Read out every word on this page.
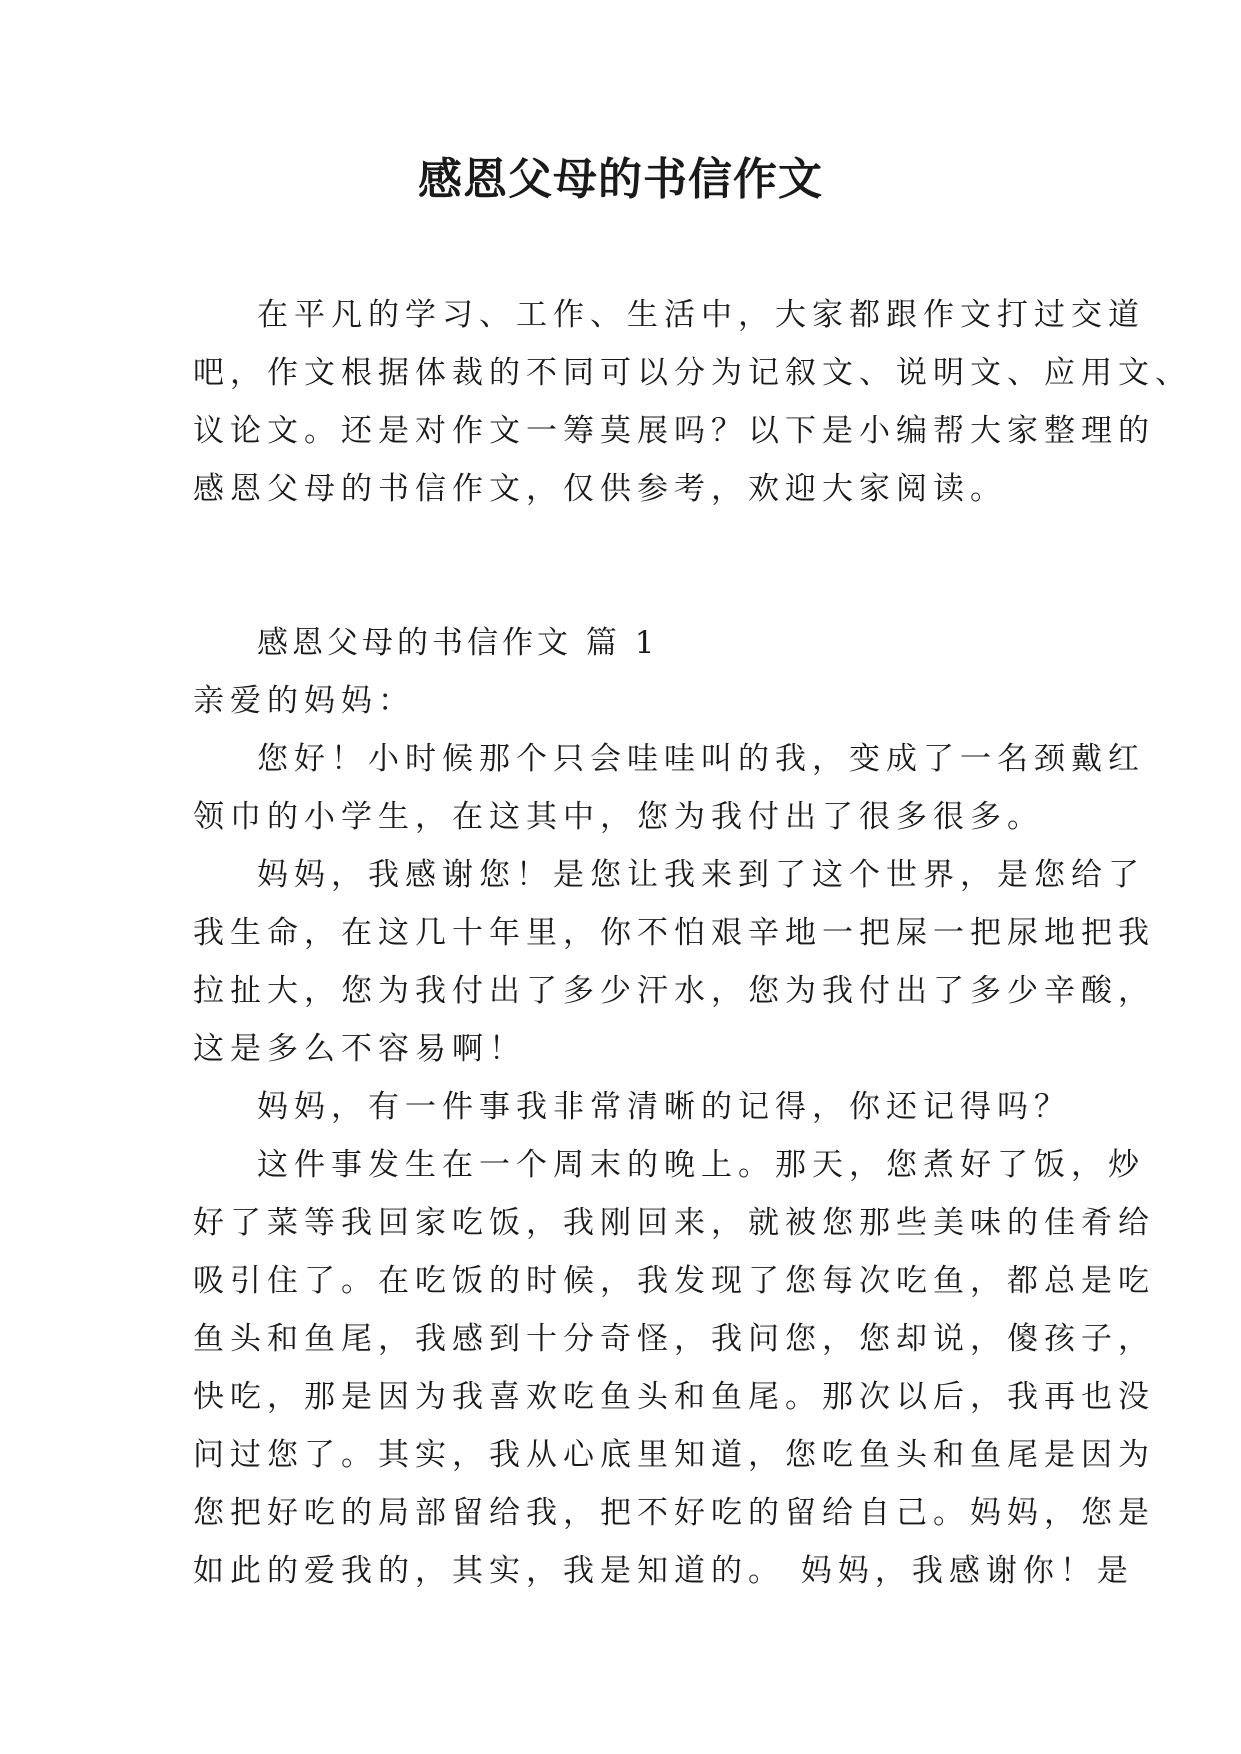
感恩父母的书信作文
在平凡的学习、工作、生活中，大家都跟作文打过交道
吧，作文根据体裁的不同可以分为记叙文、说明文、应用文、
议论文。还是对作文一筹莫展吗？以下是小编帮大家整理的
感恩父母的书信作文，仅供参考，欢迎大家阅读。
感恩父母的书信作文 篇 1
亲爱的妈妈：
您好！小时候那个只会哇哇叫的我，变成了一名颈戴红
领巾的小学生，在这其中，您为我付出了很多很多。
妈妈，我感谢您！是您让我来到了这个世界，是您给了
我生命，在这几十年里，你不怕艰辛地一把屎一把尿地把我
拉扯大，您为我付出了多少汗水，您为我付出了多少辛酸，
这是多么不容易啊！
妈妈，有一件事我非常清晰的记得，你还记得吗？
这件事发生在一个周末的晚上。那天，您煮好了饭，炒
好了菜等我回家吃饭，我刚回来，就被您那些美味的佳肴给
吸引住了。在吃饭的时候，我发现了您每次吃鱼，都总是吃
鱼头和鱼尾，我感到十分奇怪，我问您，您却说，傻孩子，
快吃，那是因为我喜欢吃鱼头和鱼尾。那次以后，我再也没
问过您了。其实，我从心底里知道，您吃鱼头和鱼尾是因为
您把好吃的局部留给我，把不好吃的留给自己。妈妈，您是
如此的爱我的，其实，我是知道的。 妈妈，我感谢你！是
